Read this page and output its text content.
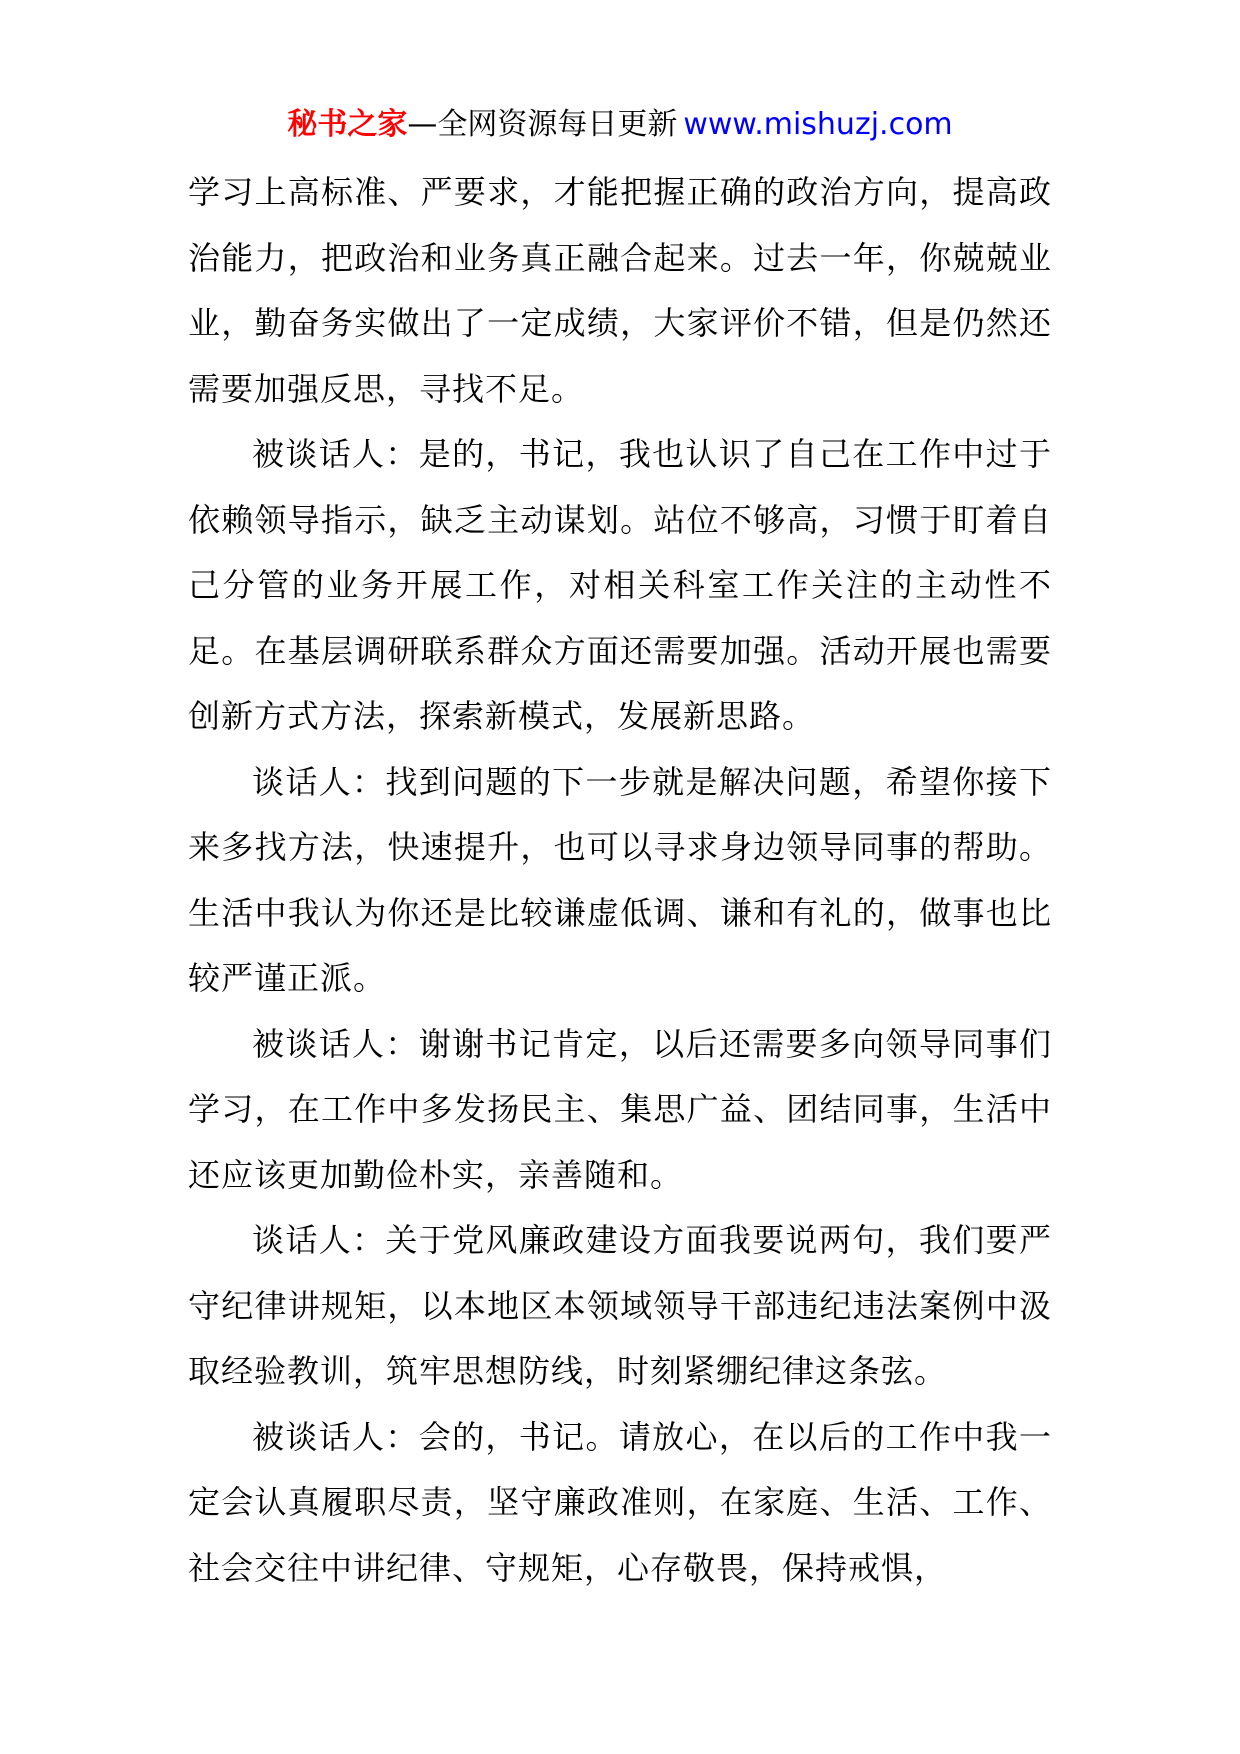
秘书之家—全网资源每日更新 www.mishuzj.com

学习上高标准、严要求，才能把握正确的政治方向，提高政治能力，把政治和业务真正融合起来。过去一年，你兢兢业业，勤奋务实做出了一定成绩，大家评价不错，但是仍然还需要加强反思，寻找不足。

被谈话人：是的，书记，我也认识了自己在工作中过于依赖领导指示，缺乏主动谋划。站位不够高，习惯于盯着自己分管的业务开展工作，对相关科室工作关注的主动性不足。在基层调研联系群众方面还需要加强。活动开展也需要创新方式方法，探索新模式，发展新思路。

谈话人：找到问题的下一步就是解决问题，希望你接下来多找方法，快速提升，也可以寻求身边领导同事的帮助。生活中我认为你还是比较谦虚低调、谦和有礼的，做事也比较严谨正派。

被谈话人：谢谢书记肯定，以后还需要多向领导同事们学习，在工作中多发扬民主、集思广益、团结同事，生活中还应该更加勤俭朴实，亲善随和。

谈话人：关于党风廉政建设方面我要说两句，我们要严守纪律讲规矩，以本地区本领域领导干部违纪违法案例中汲取经验教训，筑牢思想防线，时刻紧绷纪律这条弦。

被谈话人：会的，书记。请放心，在以后的工作中我一定会认真履职尽责，坚守廉政准则，在家庭、生活、工作、社会交往中讲纪律、守规矩，心存敬畏，保持戒惧，
